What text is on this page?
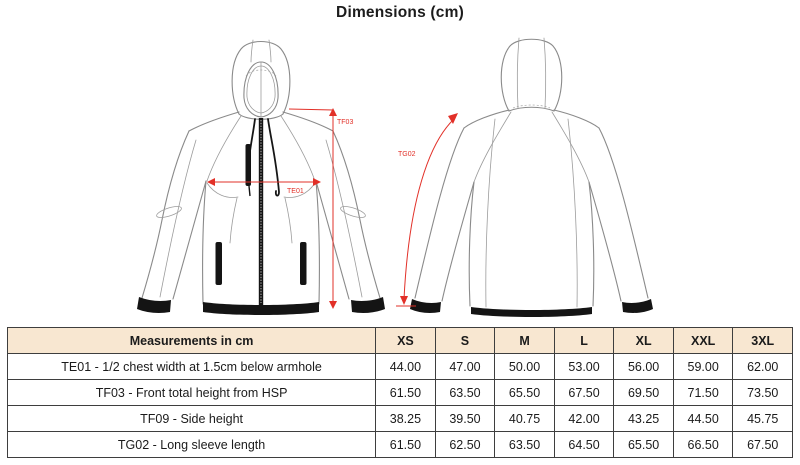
Dimensions (cm)
TF03
TE01
TG02
Measurements in cm	XS	S	M	L	XL	XXL	3XL
TE01 - 1/2 chest width at 1.5cm below armhole	44.00	47.00	50.00	53.00	56.00	59.00	62.00
TF03 - Front total height from HSP	61.50	63.50	65.50	67.50	69.50	71.50	73.50
TF09 - Side height	38.25	39.50	40.75	42.00	43.25	44.50	45.75
TG02 - Long sleeve length	61.50	62.50	63.50	64.50	65.50	66.50	67.50
